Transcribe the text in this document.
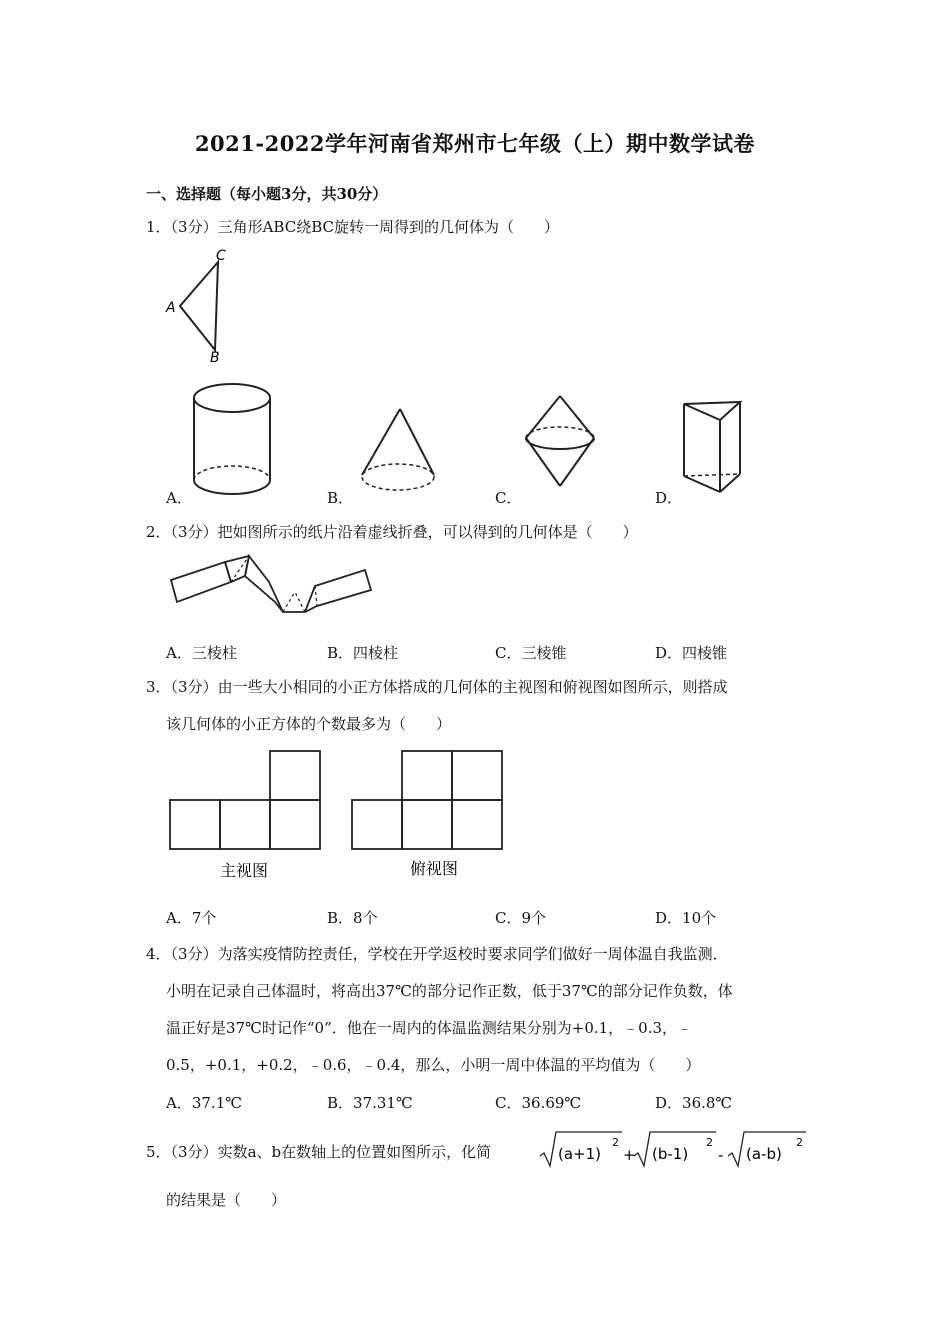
2021-2022学年河南省郑州市七年级（上）期中数学试卷
一、选择题（每小题3分，共30分）
1．（3分）三角形ABC绕BC旋转一周得到的几何体为（　　）
C
A
B
A．	B．	C．	D．
2．（3分）把如图所示的纸片沿着虚线折叠，可以得到的几何体是（　　）
A．三棱柱	B．四棱柱	C．三棱锥	D．四棱锥
3．（3分）由一些大小相同的小正方体搭成的几何体的主视图和俯视图如图所示，则搭成
该几何体的小正方体的个数最多为（　　）
主视图	俯视图
A．7个	B．8个	C．9个	D．10个
4．（3分）为落实疫情防控责任，学校在开学返校时要求同学们做好一周体温自我监测．
小明在记录自己体温时，将高出37℃的部分记作正数，低于37℃的部分记作负数，体
温正好是37℃时记作“0”．他在一周内的体温监测结果分别为+0.1，﹣0.3，﹣
0.5，+0.1，+0.2，﹣0.6，﹣0.4，那么，小明一周中体温的平均值为（　　）
A．37.1℃	B．37.31℃	C．36.69℃	D．36.8℃
5．（3分）实数a、b在数轴上的位置如图所示，化简	(a+1)
2
+ (b-1)
2
- (a-b)
2
的结果是（　　）
